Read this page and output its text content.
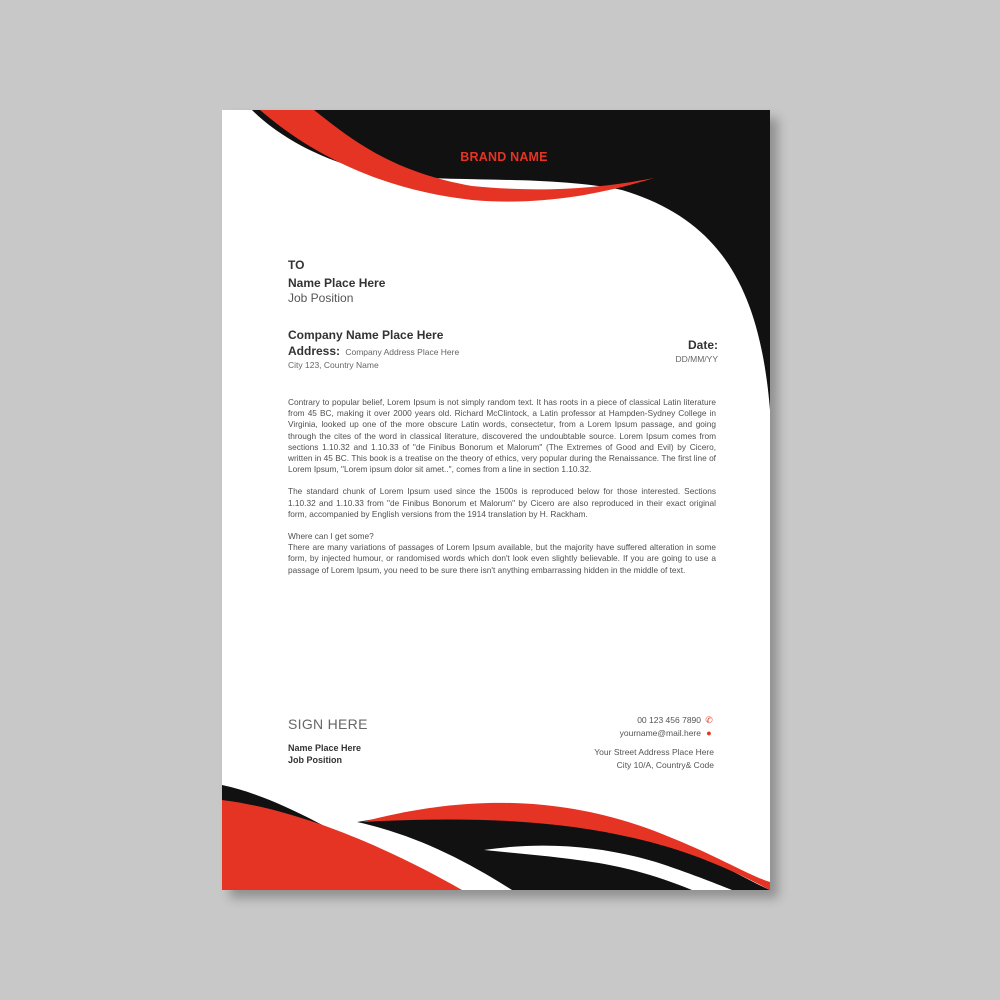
BRAND NAME
TO
Name Place Here
Job Position
Company Name Place Here
Address: Company Address Place Here
City 123, Country Name
Date:
DD/MM/YY

Contrary to popular belief, Lorem Ipsum is not simply random text. It has roots in a piece of classical Latin literature from 45 BC, making it over 2000 years old. Richard McClintock, a Latin professor at Hampden-Sydney College in Virginia, looked up one of the more obscure Latin words, consectetur, from a Lorem Ipsum passage, and going through the cites of the word in classical literature, discovered the undoubtable source. Lorem Ipsum comes from sections 1.10.32 and 1.10.33 of "de Finibus Bonorum et Malorum" (The Extremes of Good and Evil) by Cicero, written in 45 BC. This book is a treatise on the theory of ethics, very popular during the Renaissance. The first line of Lorem Ipsum, "Lorem ipsum dolor sit amet..", comes from a line in section 1.10.32.

The standard chunk of Lorem Ipsum used since the 1500s is reproduced below for those interested. Sections 1.10.32 and 1.10.33 from "de Finibus Bonorum et Malorum" by Cicero are also reproduced in their exact original form, accompanied by English versions from the 1914 translation by H. Rackham.

Where can I get some?

There are many variations of passages of Lorem Ipsum available, but the majority have suffered alteration in some form, by injected humour, or randomised words which don't look even slightly believable. If you are going to use a passage of Lorem Ipsum, you need to be sure there isn't anything embarrassing hidden in the middle of text.

SIGN HERE
Name Place Here
Job Position
00 123 456 7890 ✆
yourname@mail.here ●
Your Street Address Place Here
City 10/A, Country& Code
